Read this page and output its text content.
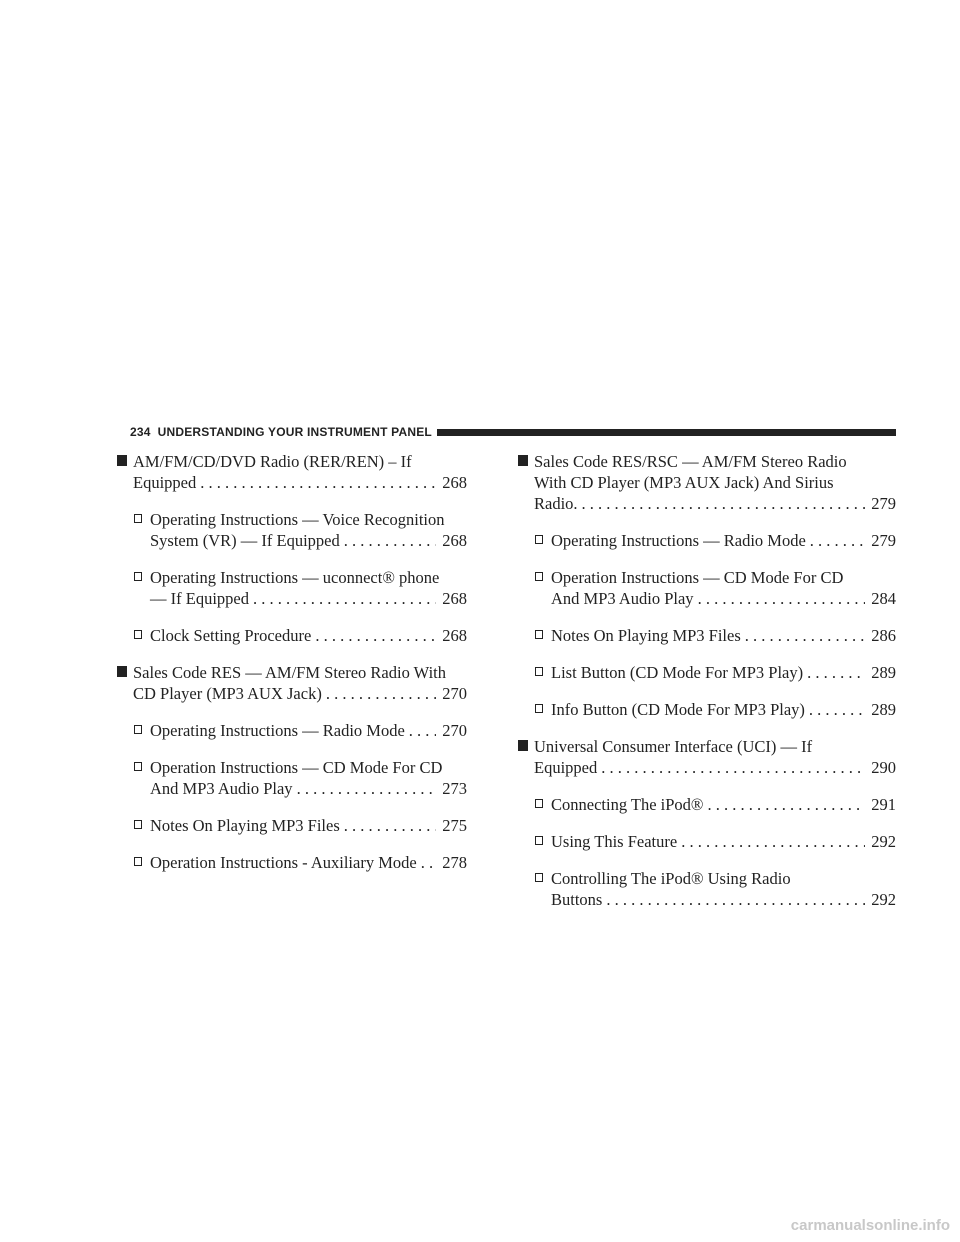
234 UNDERSTANDING YOUR INSTRUMENT PANEL
AM/FM/CD/DVD Radio (RER/REN) – If
Equipped . . .	268
Operating Instructions — Voice Recognition
System (VR) — If Equipped . . .	268
Operating Instructions — uconnect® phone
— If Equipped . . .	268
Clock Setting Procedure . . .	268
Sales Code RES — AM/FM Stereo Radio With
CD Player (MP3 AUX Jack) . . .	270
Operating Instructions — Radio Mode . . . 270
Operation Instructions — CD Mode For CD
And MP3 Audio Play . . .	273
Notes On Playing MP3 Files . . .	275
Operation Instructions - Auxiliary Mode . . . 278
Sales Code RES/RSC — AM/FM Stereo Radio
With CD Player (MP3 AUX Jack) And Sirius
Radio. . . .	279
Operating Instructions — Radio Mode . . .	279
Operation Instructions — CD Mode For CD
And MP3 Audio Play . . .	284
Notes On Playing MP3 Files . . .	286
List Button (CD Mode For MP3 Play) . . .	289
Info Button (CD Mode For MP3 Play) . . .	289
Universal Consumer Interface (UCI) — If
Equipped . . .	290
Connecting The iPod® . . .	291
Using This Feature . . .	292
Controlling The iPod® Using Radio
Buttons . . .	292
carmanualsonline.info
